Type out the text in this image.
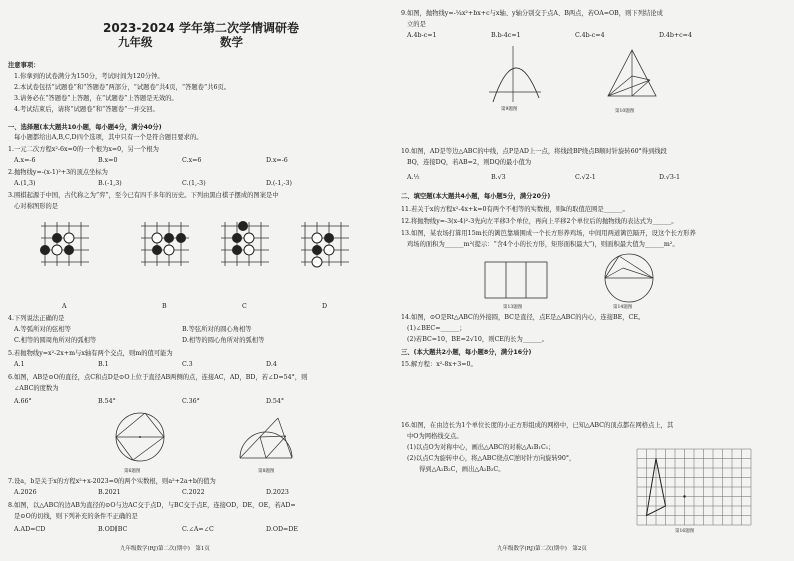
2023-2024 学年第二次学情调研卷
九年级	数学
注意事项：
1.你拿到的试卷满分为150分，考试时间为120分钟。
2.本试卷包括“试题卷”和“答题卷”两部分，“试题卷”共4页，“答题卷”共6页。
3.请务必在“答题卷”上答题，在“试题卷”上答题是无效的。
4.考试结束后，请将“试题卷”和“答题卷”一并交回。
一、选择题(本大题共10小题，每小题4分，满分40分)
每小题都给出A,B,C,D四个选项，其中只有一个是符合题目要求的。
1.一元二次方程x²-6x=0的一个根为x=0，另一个根为
A.x=-6	B.x=0	C.x=6	D.x=-6
2.抛物线y=-(x-1)²+3的顶点坐标为
A.(1,3)	B.(-1,3)	C.(1,-3)	D.(-1,-3)
3.围棋起源于中国，古代称之为“弈”，至今已有四千多年的历史。下列由黑白棋子摆成的图案是中
心对称图形的是
A	B	C	D
4.下列说法正确的是
A.等弧所对的弦相等	B.等弦所对的圆心角相等
C.相等的圆周角所对的弧相等	D.相等的圆心角所对的弧相等
5.若抛物线y=x²-2x+m与x轴有两个交点，则m的值可能为
A.1	B.1	C.3	D.4
6.如图，AB是⊙O的直径，点C和点D是⊙O上位于直径AB两侧的点，连接AC，AD，BD，若∠D=54°，则
∠ABC的度数为
A.66°	B.54°	C.36°	D.54°
第6题图	第8题图
7.设a，b是关于x的方程x²+x-2023=0的两个实数根，则a²+2a+b的值为
A.2026	B.2021	C.2022	D.2023
8.如图，以△ABC的边AB为直径的⊙O与边AC交于点D，与BC交于点E，连接OD，DE，OE，若AD=
是⊙O的切线，则下列补充的条件不正确的是
A.AD=CD	B.OD∥BC	C.∠A=∠C	D.OD=DE
九年级数学(RJ)第二次(期中)　第1页
9.如图，抛物线y=-¼x²+bx+c与x轴、y轴分别交于点A、B两点，若OA=OB，则下列结论成
立的是
A.4b-c=1	B.b-4c=1	C.4b-c=4	D.4b+c=4
第9题图	第10题图
10.如图，AD是等边△ABC的中线，点P是AD上一点，将线段BP绕点B顺时针旋转60°得到线段
BQ，连接DQ，若AB=2，则DQ的最小值为
A.½	B.√3	C.√2-1	D.√3-1
二、填空题(本大题共4小题，每小题5分，满分20分)
11.若关于x的方程x²-4x+k=0有两个不相等的实数根，则k的取值范围是______。
12.将抛物线y=-3(x-4)²-3先向左平移3个单位，再向上平移2个单位后的抛物线的表达式为______。
13.如图，某农场打算用15m长的篱笆靠墙围成一个长方形养鸡场，中间用两道篱笆隔开，设这个长方形养
鸡场的面积为______m²(提示：“含4个小的长方形，矩形面积最大”)，则面积最大值为______m²。
第13题图	第14题图
14.如图，⊙O是Rt△ABC的外接圆，BC是直径，点E是△ABC的内心，连接BE，CE。
(1)∠BEC=______；
(2)若BC=10，BE=2√10，则CE的长为______。
三、(本大题共2小题，每小题8分，满分16分)
15.解方程：x²-8x+3=0。
16.如图，在由边长为1个单位长度的小正方形组成的网格中，已知△ABC的顶点都在网格点上，其
中O为网格线交点。
(1)以点O为对称中心，画出△ABC的对称△A₁B₁C₁；
(2)以点C为旋转中心，将△ABC绕点C逆时针方向旋转90°，
得到△A₂B₂C，画出△A₂B₂C。
第16题图
九年级数学(RJ)第二次(期中)　第2页
